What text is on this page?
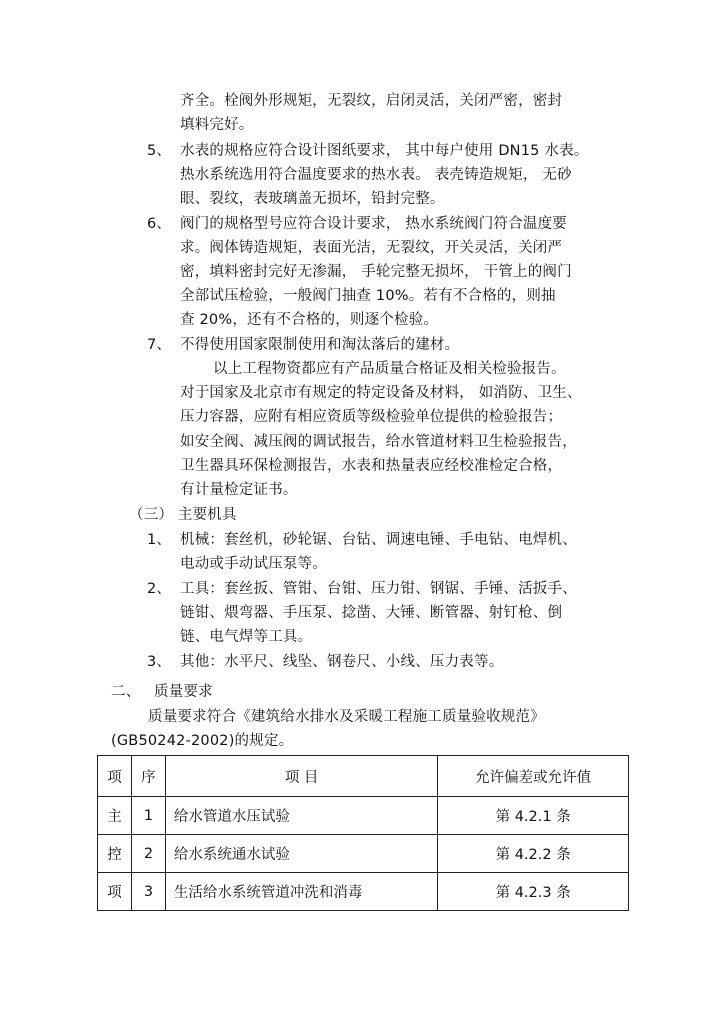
齐全。栓阀外形规矩，无裂纹，启闭灵活，关闭严密，密封
填料完好。
5、 水表的规格应符合设计图纸要求， 其中每户使用 DN15 水表。
热水系统选用符合温度要求的热水表。 表壳铸造规矩， 无砂
眼、裂纹，表玻璃盖无损坏，铅封完整。
6、 阀门的规格型号应符合设计要求， 热水系统阀门符合温度要
求。阀体铸造规矩，表面光洁，无裂纹，开关灵活，关闭严
密，填料密封完好无渗漏， 手轮完整无损坏， 干管上的阀门
全部试压检验，一般阀门抽查 10%。若有不合格的，则抽
查 20%，还有不合格的，则逐个检验。
7、 不得使用国家限制使用和淘汰落后的建材。
以上工程物资都应有产品质量合格证及相关检验报告。
对于国家及北京市有规定的特定设备及材料， 如消防、卫生、
压力容器，应附有相应资质等级检验单位提供的检验报告；
如安全阀、减压阀的调试报告，给水管道材料卫生检验报告，
卫生器具环保检测报告，水表和热量表应经校准检定合格，
有计量检定证书。
（三） 主要机具
1、 机械：套丝机，砂轮锯、台钻、调速电锤、手电钻、电焊机、
电动或手动试压泵等。
2、 工具：套丝扳、管钳、台钳、压力钳、钢锯、手锤、活扳手、
链钳、煨弯器、手压泵、捻凿、大锤、断管器、射钉枪、倒
链、电气焊等工具。
3、 其他：水平尺、线坠、钢卷尺、小线、压力表等。
二、 质量要求
质量要求符合《建筑给水排水及采暖工程施工质量验收规范》
(GB50242-2002)的规定。
项	序	项 目	允许偏差或允许值
主	1	给水管道水压试验	第 4.2.1 条
控	2	给水系统通水试验	第 4.2.2 条
项	3	生活给水系统管道冲洗和消毒	第 4.2.3 条
